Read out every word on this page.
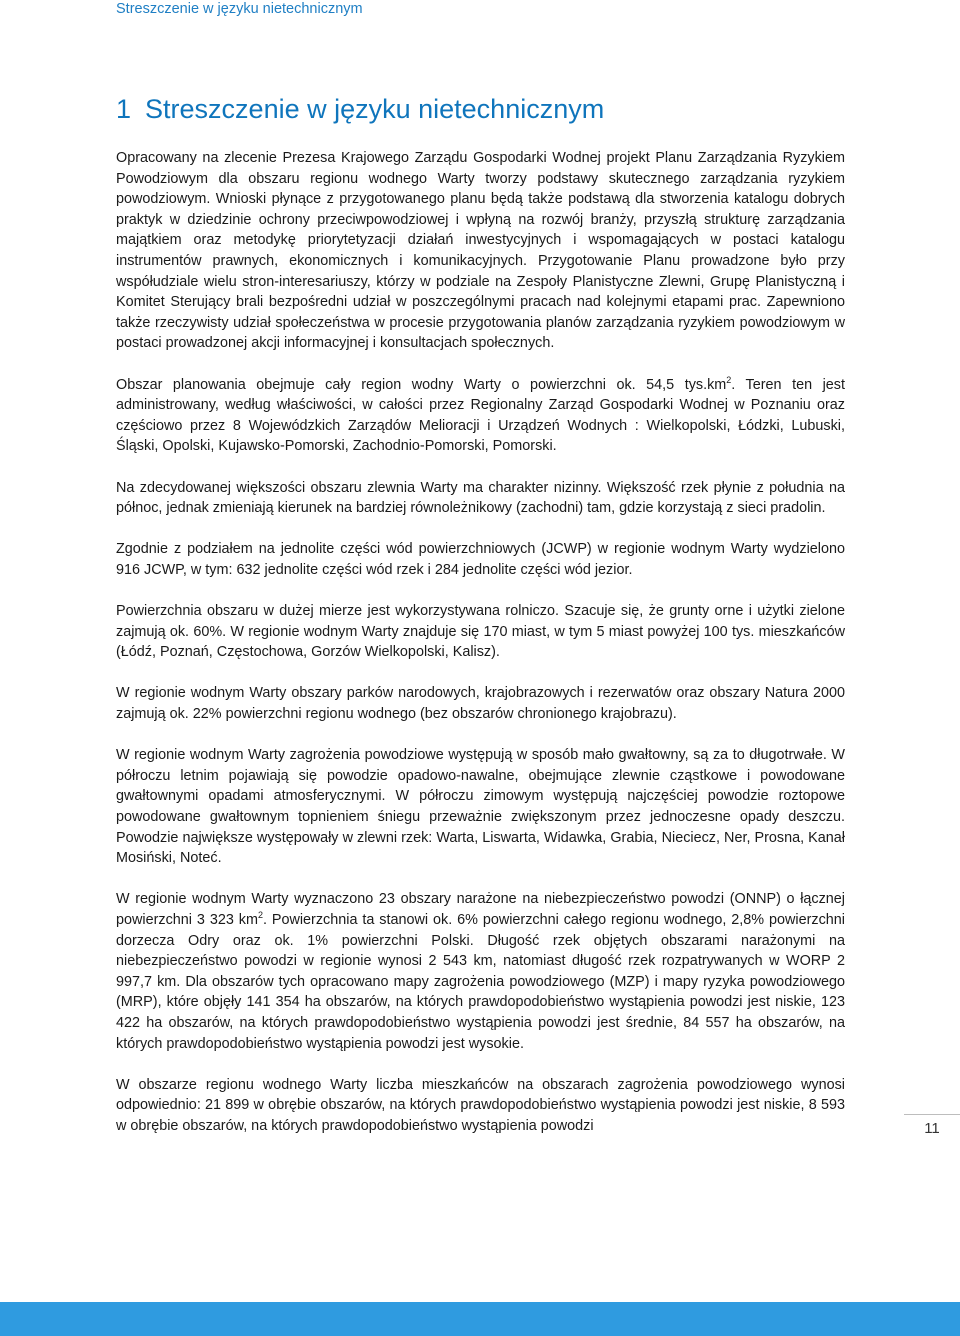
Streszczenie w języku nietechnicznym
1 Streszczenie w języku nietechnicznym

Opracowany na zlecenie Prezesa Krajowego Zarządu Gospodarki Wodnej projekt Planu Zarządzania Ryzykiem Powodziowym dla obszaru regionu wodnego Warty tworzy podstawy skutecznego zarządzania ryzykiem powodziowym. Wnioski płynące z przygotowanego planu będą także podstawą dla stworzenia katalogu dobrych praktyk w dziedzinie ochrony przeciwpowodziowej i wpłyną na rozwój branży, przyszłą strukturę zarządzania majątkiem oraz metodykę priorytetyzacji działań inwestycyjnych i wspomagających w postaci katalogu instrumentów prawnych, ekonomicznych i komunikacyjnych. Przygotowanie Planu prowadzone było przy współudziale wielu stron-interesariuszy, którzy w podziale na Zespoły Planistyczne Zlewni, Grupę Planistyczną i Komitet Sterujący brali bezpośredni udział w poszczególnymi pracach nad kolejnymi etapami prac. Zapewniono także rzeczywisty udział społeczeństwa w procesie przygotowania planów zarządzania ryzykiem powodziowym w postaci prowadzonej akcji informacyjnej i konsultacjach społecznych.

Obszar planowania obejmuje cały region wodny Warty o powierzchni ok. 54,5 $tys.km^2$. Teren ten jest administrowany, według właściwości, w całości przez Regionalny Zarząd Gospodarki Wodnej w Poznaniu oraz częściowo przez 8 Wojewódzkich Zarządów Melioracji i Urządzeń Wodnych : Wielkopolski, Łódzki, Lubuski, Śląski, Opolski, Kujawsko-Pomorski, Zachodnio-Pomorski, Pomorski.

Na zdecydowanej większości obszaru zlewnia Warty ma charakter nizinny. Większość rzek płynie z południa na północ, jednak zmieniają kierunek na bardziej równoleżnikowy (zachodni) tam, gdzie korzystają z sieci pradolin.

Zgodnie z podziałem na jednolite części wód powierzchniowych (JCWP) w regionie wodnym Warty wydzielono 916 JCWP, w tym: 632 jednolite części wód rzek i 284 jednolite części wód jezior.

Powierzchnia obszaru w dużej mierze jest wykorzystywana rolniczo. Szacuje się, że grunty orne i użytki zielone zajmują ok. 60%. W regionie wodnym Warty znajduje się 170 miast, w tym 5 miast powyżej 100 tys. mieszkańców (Łódź, Poznań, Częstochowa, Gorzów Wielkopolski, Kalisz).

W regionie wodnym Warty obszary parków narodowych, krajobrazowych i rezerwatów oraz obszary Natura 2000 zajmują ok. 22% powierzchni regionu wodnego (bez obszarów chronionego krajobrazu).

W regionie wodnym Warty zagrożenia powodziowe występują w sposób mało gwałtowny, są za to długotrwałe. W półroczu letnim pojawiają się powodzie opadowo-nawalne, obejmujące zlewnie cząstkowe i powodowane gwałtownymi opadami atmosferycznymi. W półroczu zimowym występują najczęściej powodzie roztopowe powodowane gwałtownym topnieniem śniegu przeważnie zwiększonym przez jednoczesne opady deszczu. Powodzie największe występowały w zlewni rzek: Warta, Liswarta, Widawka, Grabia, Nieciecz, Ner, Prosna, Kanał Mosiński, Noteć.

W regionie wodnym Warty wyznaczono 23 obszary narażone na niebezpieczeństwo powodzi (ONNP) o łącznej powierzchni 3 323 $km^2$. Powierzchnia ta stanowi ok. 6% powierzchni całego regionu wodnego, 2,8% powierzchni dorzecza Odry oraz ok. 1% powierzchni Polski. Długość rzek objętych obszarami narażonymi na niebezpieczeństwo powodzi w regionie wynosi 2 543 km, natomiast długość rzek rozpatrywanych w WORP 2 997,7 km. Dla obszarów tych opracowano mapy zagrożenia powodziowego (MZP) i mapy ryzyka powodziowego (MRP), które objęły 141 354 ha obszarów, na których prawdopodobieństwo wystąpienia powodzi jest niskie, 123 422 ha obszarów, na których prawdopodobieństwo wystąpienia powodzi jest średnie, 84 557 ha obszarów, na których prawdopodobieństwo wystąpienia powodzi jest wysokie.

W obszarze regionu wodnego Warty liczba mieszkańców na obszarach zagrożenia powodziowego wynosi odpowiednio: 21 899 w obrębie obszarów, na których prawdopodobieństwo wystąpienia powodzi jest niskie, 8 593 w obrębie obszarów, na których prawdopodobieństwo wystąpienia powodzi	11
